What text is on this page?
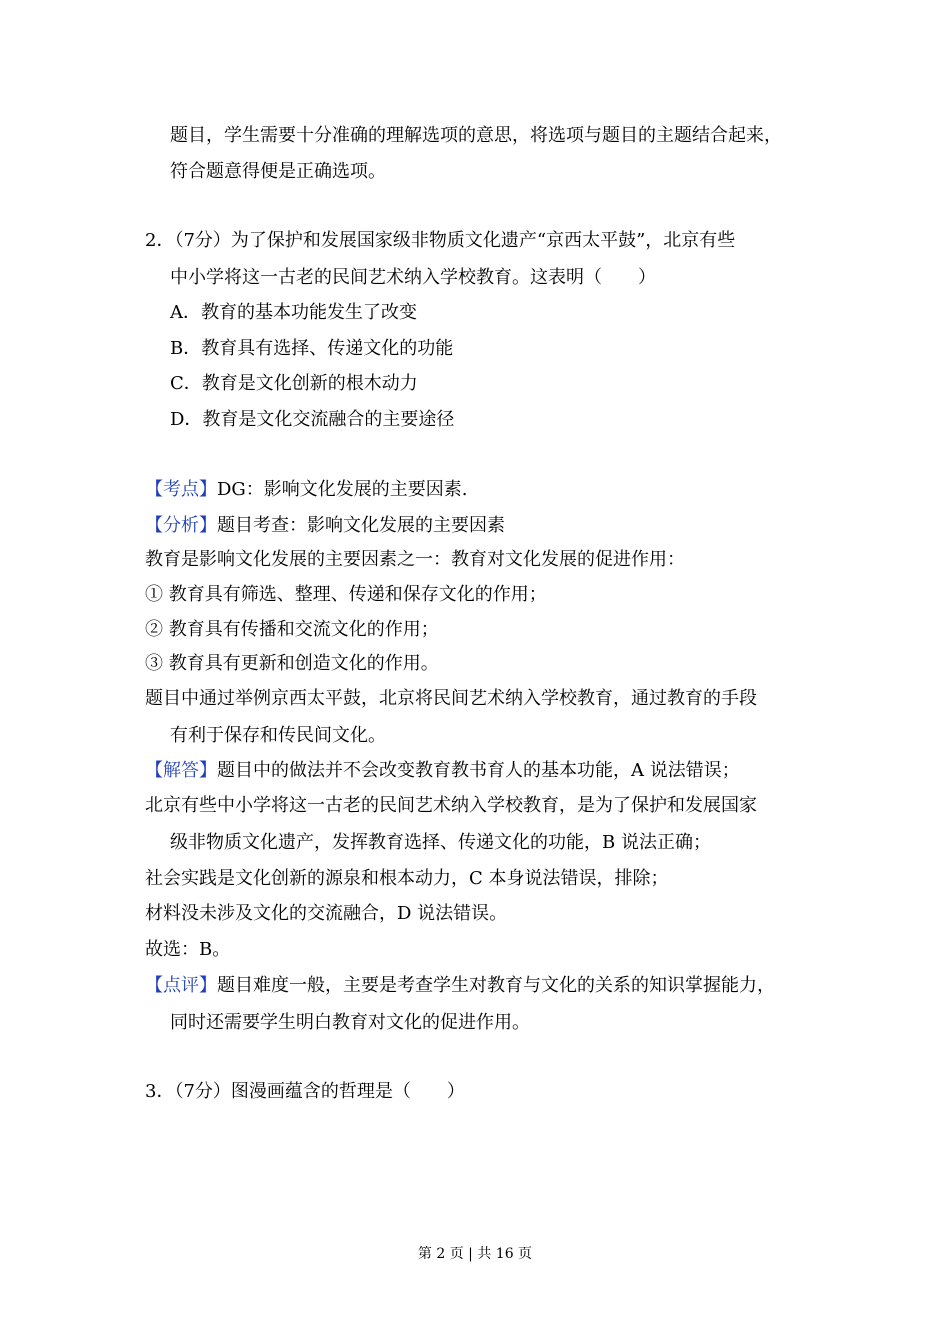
题目，学生需要十分准确的理解选项的意思，将选项与题目的主题结合起来，
符合题意得便是正确选项。
2．（7分）为了保护和发展国家级非物质文化遗产“京西太平鼓”，北京有些
中小学将这一古老的民间艺术纳入学校教育。这表明（　　）
A．教育的基本功能发生了改变
B．教育具有选择、传递文化的功能
C．教育是文化创新的根木动力
D．教育是文化交流融合的主要途径
【考点】DG：影响文化发展的主要因素.
【分析】题目考查：影响文化发展的主要因素
教育是影响文化发展的主要因素之一：教育对文化发展的促进作用：
① 教育具有筛选、整理、传递和保存文化的作用；
② 教育具有传播和交流文化的作用；
③ 教育具有更新和创造文化的作用。
题目中通过举例京西太平鼓，北京将民间艺术纳入学校教育，通过教育的手段
有利于保存和传民间文化。
【解答】题目中的做法并不会改变教育教书育人的基本功能，A 说法错误；
北京有些中小学将这一古老的民间艺术纳入学校教育，是为了保护和发展国家
级非物质文化遗产，发挥教育选择、传递文化的功能，B 说法正确；
社会实践是文化创新的源泉和根本动力，C 本身说法错误，排除；
材料没未涉及文化的交流融合，D 说法错误。
故选：B。
【点评】题目难度一般，主要是考查学生对教育与文化的关系的知识掌握能力，
同时还需要学生明白教育对文化的促进作用。
3．（7分）图漫画蕴含的哲理是（　　）
第 2 页 | 共 16 页
